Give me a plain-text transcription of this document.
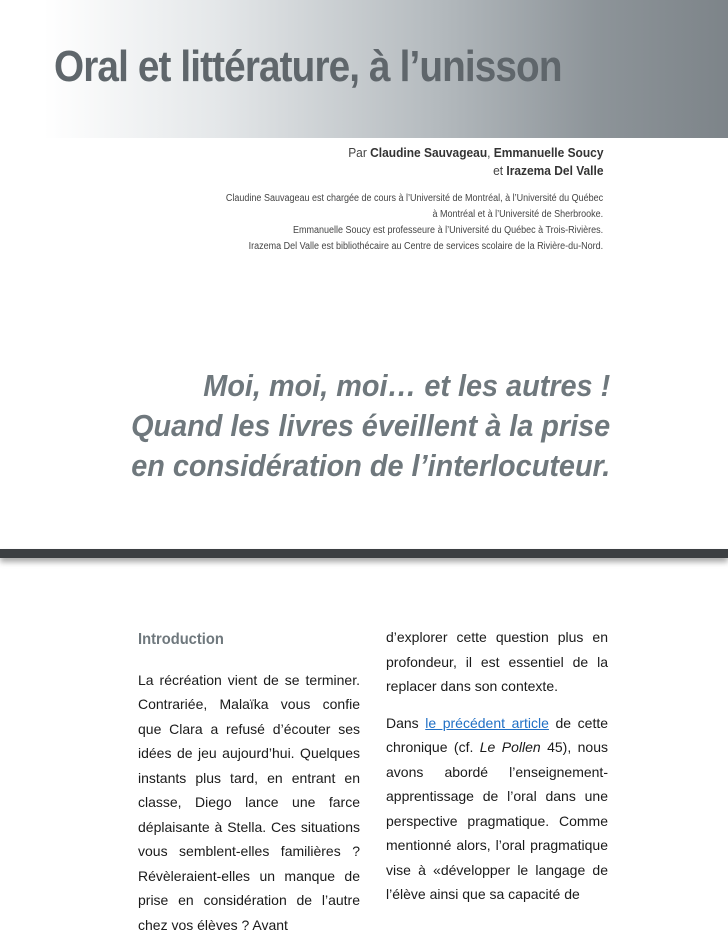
Oral et littérature, à l’unisson
Par Claudine Sauvageau, Emmanuelle Soucy
et Irazema Del Valle
Claudine Sauvageau est chargée de cours à l’Université de Montréal, à l’Université du Québec
à Montréal et à l’Université de Sherbrooke.
Emmanuelle Soucy est professeure à l’Université du Québec à Trois-Rivières.
Irazema Del Valle est bibliothécaire au Centre de services scolaire de la Rivière-du-Nord.
Moi, moi, moi… et les autres !
Quand les livres éveillent à la prise
en considération de l’interlocuteur.
Introduction

La récréation vient de se terminer. Contrariée, Malaïka vous confie que Clara a refusé d’écouter ses idées de jeu aujourd’hui. Quelques instants plus tard, en entrant en classe, Diego lance une farce déplaisante à Stella. Ces situations vous semblent-elles familières ? Révèleraient-elles un manque de prise en considération de l’autre chez vos élèves ? Avant

d’explorer cette question plus en profondeur, il est essentiel de la replacer dans son contexte.

Dans le précédent article de cette chronique (cf. Le Pollen 45), nous avons abordé l’enseignement-apprentissage de l’oral dans une perspective pragmatique. Comme mentionné alors, l’oral pragmatique vise à «développer le langage de l’élève ainsi que sa capacité de
